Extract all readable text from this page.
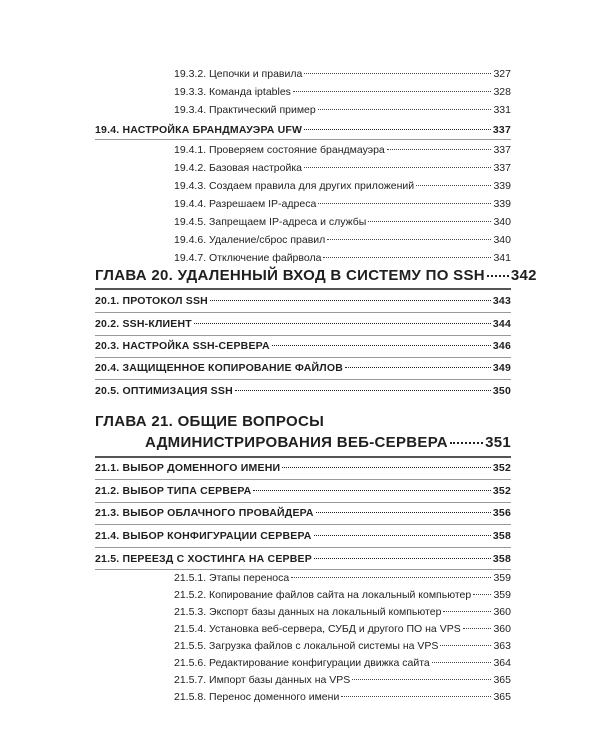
19.3.2. Цепочки и правила	327
19.3.3. Команда iptables	328
19.3.4. Практический пример	331
19.4. НАСТРОЙКА БРАНДМАУЭРА UFW	337
19.4.1. Проверяем состояние брандмауэра	337
19.4.2. Базовая настройка	337
19.4.3. Создаем правила для других приложений	339
19.4.4. Разрешаем IP-адреса	339
19.4.5. Запрещаем IP-адреса и службы	340
19.4.6. Удаление/сброс правил	340
19.4.7. Отключение файрвола	341
ГЛАВА 20. УДАЛЕННЫЙ ВХОД В СИСТЕМУ ПО SSH 342
20.1. ПРОТОКОЛ SSH	343
20.2. SSH-КЛИЕНТ	344
20.3. НАСТРОЙКА SSH-СЕРВЕРА	346
20.4. ЗАЩИЩЕННОЕ КОПИРОВАНИЕ ФАЙЛОВ	349
20.5. ОПТИМИЗАЦИЯ SSH	350
ГЛАВА 21. ОБЩИЕ ВОПРОСЫ
АДМИНИСТРИРОВАНИЯ ВЕБ-СЕРВЕРА 351
21.1. ВЫБОР ДОМЕННОГО ИМЕНИ	352
21.2. ВЫБОР ТИПА СЕРВЕРА	352
21.3. ВЫБОР ОБЛАЧНОГО ПРОВАЙДЕРА	356
21.4. ВЫБОР КОНФИГУРАЦИИ СЕРВЕРА	358
21.5. ПЕРЕЕЗД С ХОСТИНГА НА СЕРВЕР	358
21.5.1. Этапы переноса	359
21.5.2. Копирование файлов сайта на локальный компьютер 359
21.5.3. Экспорт базы данных на локальный компьютер	360
21.5.4. Установка веб-сервера, СУБД и другого ПО на VPS	360
21.5.5. Загрузка файлов с локальной системы на VPS	363
21.5.6. Редактирование конфигурации движка сайта	364
21.5.7. Импорт базы данных на VPS	365
21.5.8. Перенос доменного имени	365
